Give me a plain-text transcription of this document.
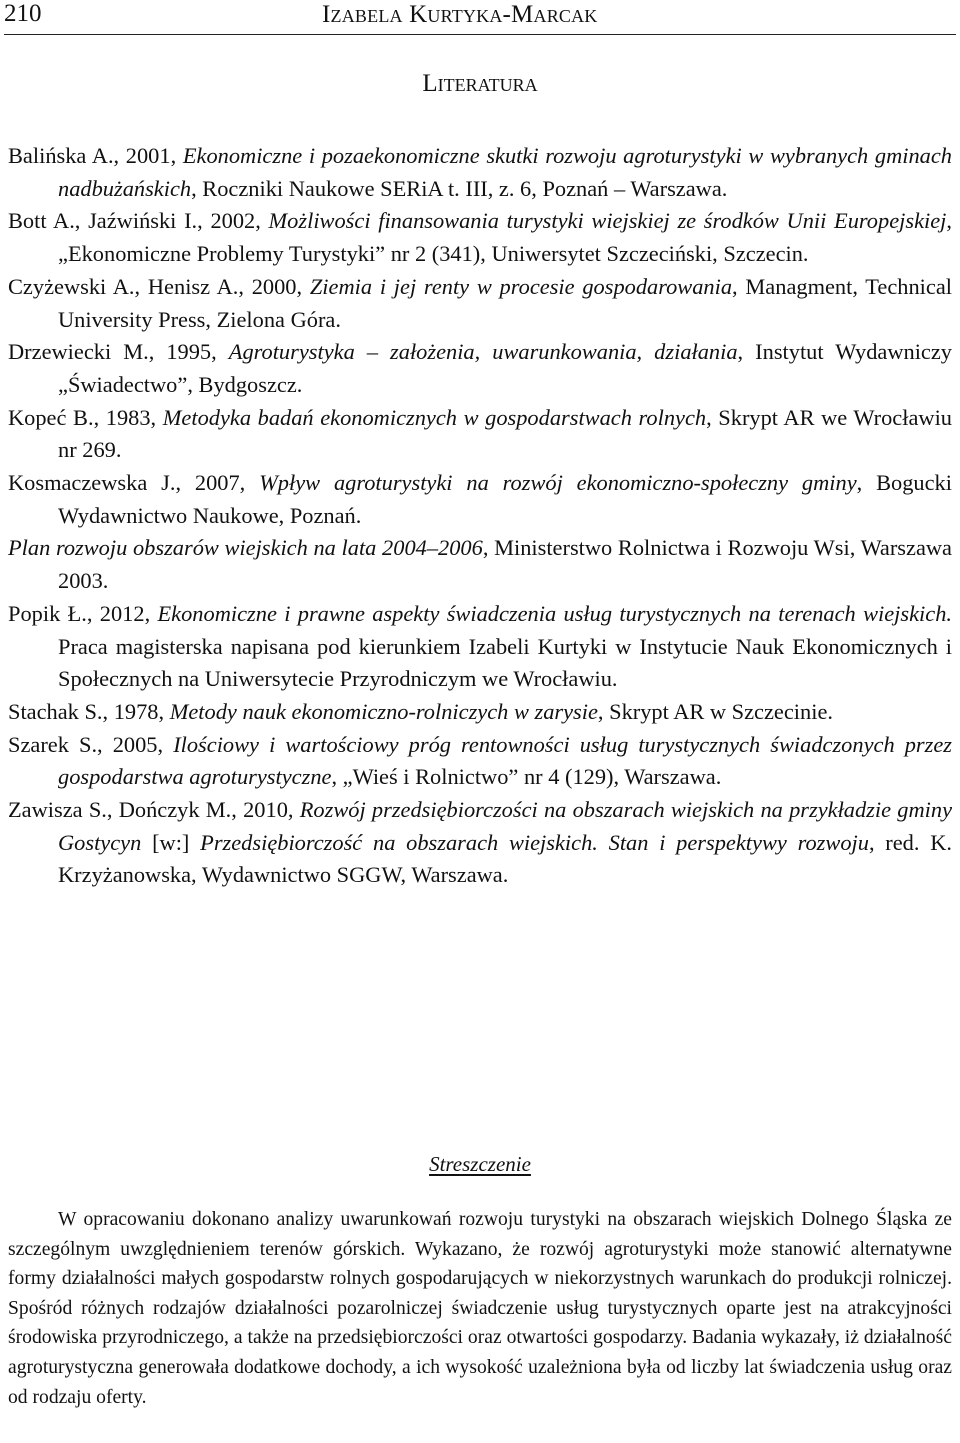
210	Izabela Kurtyka-Marcak
Literatura

Balińska A., 2001, Ekonomiczne i pozaekonomiczne skutki rozwoju agroturystyki w wybranych gminach nadbużańskich, Roczniki Naukowe SERiA t. III, z. 6, Poznań – Warszawa.

Bott A., Jaźwiński I., 2002, Możliwości finansowania turystyki wiejskiej ze środków Unii Europejskiej, „Ekonomiczne Problemy Turystyki” nr 2 (341), Uniwersytet Szczeciński, Szczecin.

Czyżewski A., Henisz A., 2000, Ziemia i jej renty w procesie gospodarowania, Managment, Technical University Press, Zielona Góra.

Drzewiecki M., 1995, Agroturystyka – założenia, uwarunkowania, działania, Instytut Wydawniczy „Świadectwo”, Bydgoszcz.

Kopeć B., 1983, Metodyka badań ekonomicznych w gospodarstwach rolnych, Skrypt AR we Wrocławiu nr 269.

Kosmaczewska J., 2007, Wpływ agroturystyki na rozwój ekonomiczno-społeczny gminy, Bogucki Wydawnictwo Naukowe, Poznań.

Plan rozwoju obszarów wiejskich na lata 2004–2006, Ministerstwo Rolnictwa i Rozwoju Wsi, Warszawa 2003.

Popik Ł., 2012, Ekonomiczne i prawne aspekty świadczenia usług turystycznych na terenach wiejskich. Praca magisterska napisana pod kierunkiem Izabeli Kurtyki w Instytucie Nauk Ekonomicznych i Społecznych na Uniwersytecie Przyrodniczym we Wrocławiu.

Stachak S., 1978, Metody nauk ekonomiczno-rolniczych w zarysie, Skrypt AR w Szczecinie.

Szarek S., 2005, Ilościowy i wartościowy próg rentowności usług turystycznych świadczonych przez gospodarstwa agroturystyczne, „Wieś i Rolnictwo” nr 4 (129), Warszawa.

Zawisza S., Dończyk M., 2010, Rozwój przedsiębiorczości na obszarach wiejskich na przykładzie gminy Gostycyn [w:] Przedsiębiorczość na obszarach wiejskich. Stan i perspektywy rozwoju, red. K. Krzyżanowska, Wydawnictwo SGGW, Warszawa.

Streszczenie

W opracowaniu dokonano analizy uwarunkowań rozwoju turystyki na obszarach wiejskich Dolnego Śląska ze szczególnym uwzględnieniem terenów górskich. Wykazano, że rozwój agroturystyki może stanowić alternatywne formy działalności małych gospodarstw rolnych gospodarujących w niekorzystnych warunkach do produkcji rolniczej. Spośród różnych rodzajów działalności pozarolniczej świadczenie usług turystycznych oparte jest na atrakcyjności środowiska przyrodniczego, a także na przedsiębiorczości oraz otwartości gospodarzy. Badania wykazały, iż działalność agroturystyczna generowała dodatkowe dochody, a ich wysokość uzależniona była od liczby lat świadczenia usług oraz od rodzaju oferty.
